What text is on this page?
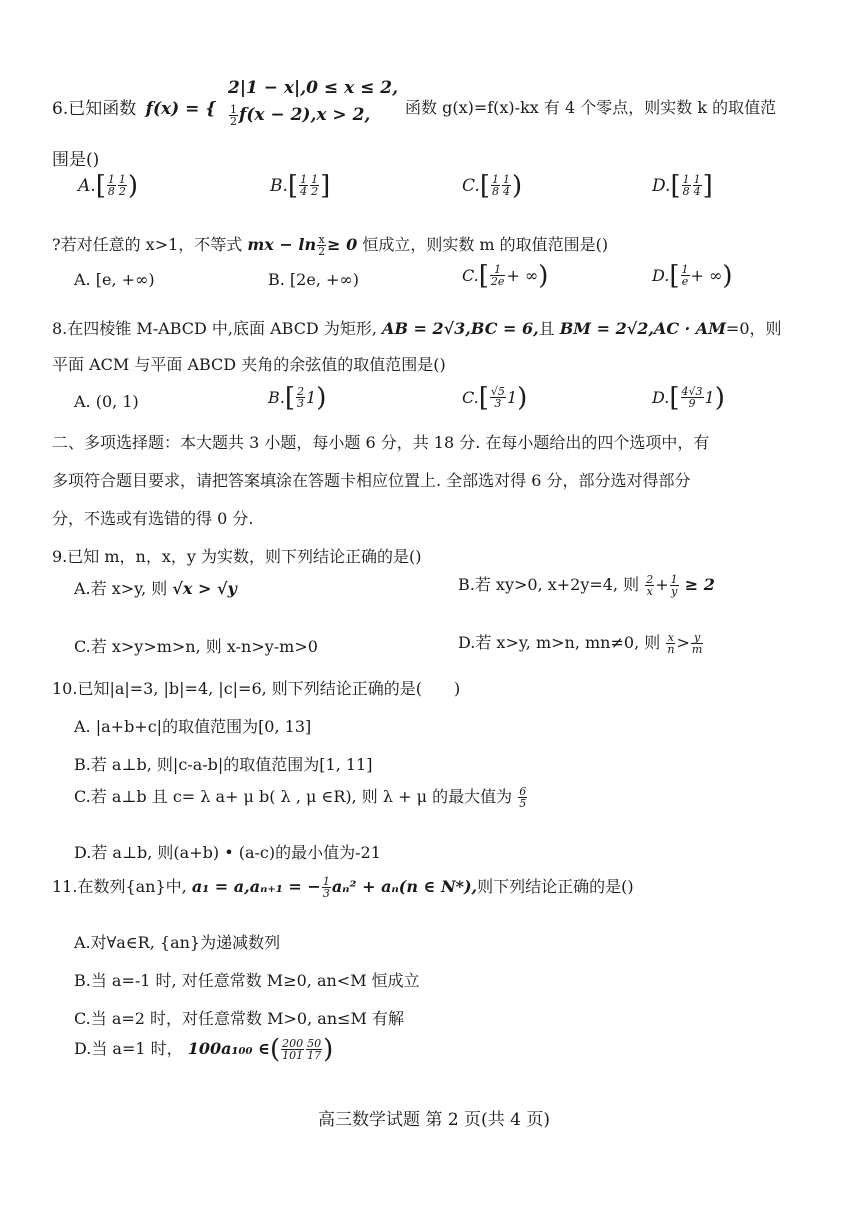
2|1 − x|,0 ≤ x ≤ 2,
6.已知函数 f(x) = { $\frac{1}{2} f(x - 2),x > 2$, 函数 g(x)=f(x)-kx 有 4 个零点，则实数 k 的取值范
围是()
A. [ $\frac{1}{8} \frac{1}{2}$ )	B. [ $\frac{1}{4} \frac{1}{2}$ ]	C. [ $\frac{1}{8} \frac{1}{4}$ )	D. [ $\frac{1}{8} \frac{1}{4}$ ]
?若对任意的 x>1，不等式 mx − $\ln \frac{x}{2} \ge 0$ 恒成立，则实数 m 的取值范围是()
A. [e, +∞)	B. [2e, +∞)	C. [ $\frac{1}{2e}$ + ∞ )	D. [ $\frac{1}{e}$ + ∞ )
8.在四棱锥 M-ABCD 中,底面 ABCD 为矩形, AB = 2√3,BC = 6,且 BM = 2√2,AC · AM=0，则
平面 ACM 与平面 ABCD 夹角的余弦值的取值范围是()
A. (0, 1)	B. [ $\frac{2}{3} 1$ )	C. [ $\frac{√5}{3} 1$ )	D. [ $\frac{4√3}{9} 1$ )
二、多项选择题：本大题共 3 小题，每小题 6 分，共 18 分. 在每小题给出的四个选项中，有
多项符合题目要求，请把答案填涂在答题卡相应位置上. 全部选对得 6 分，部分选对得部分
分，不选或有选错的得 0 分.
9.已知 m，n，x，y 为实数，则下列结论正确的是()
A.若 x>y, 则 √x > √y	B.若 xy>0, x+2y=4, 则 $\frac{2}{x} + \frac{1}{y} \ge 2$
C.若 x>y>m>n, 则 x-n>y-m>0	D.若 x>y, m>n, mn≠0, 则 $\frac{x}{n} > \frac{y}{m}$
10.已知|a|=3, |b|=4, |c|=6, 则下列结论正确的是(　　)
A. |a+b+c|的取值范围为[0, 13]
B.若 a⊥b, 则|c-a-b|的取值范围为[1, 11]
C.若 a⊥b 且 c= λ a+ μ b( λ , μ ∈R), 则 λ + μ 的最大值为 $\frac{6}{5}$
D.若 a⊥b, 则(a+b) • (a-c)的最小值为-21
11.在数列{an}中, a₁ = a,aₙ₊₁ = − $\frac{1}{3} a_n^2 + a_n(n$ ∈ N*),则下列结论正确的是()
A.对∀a∈R, {an}为递减数列
B.当 a=-1 时, 对任意常数 M≥0, an<M 恒成立
C.当 a=2 时，对任意常数 M>0, an≤M 有解
D.当 a=1 时， 100a₁₀₀ ∈( $\frac{200}{101} \frac{50}{17}$ )
高三数学试题 第 2 页(共 4 页)
